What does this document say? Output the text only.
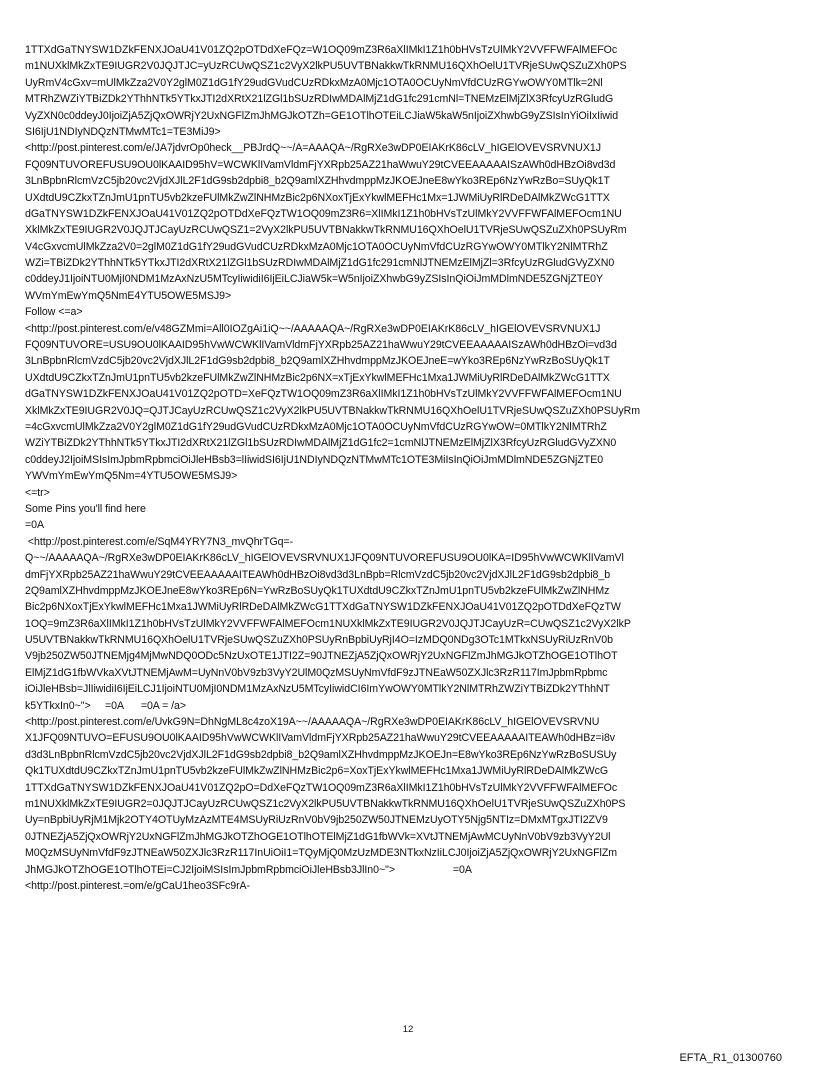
1TTXdGaTNYSW1DZkFENXJOaU41V01ZQ2pOTDdXeFQz=W1OQ09mZ3R6aXlIMkI1Z1h0bHVsTzUlMkY2VVFFWFAlMEFOc
m1NUXklMkZxTE9IUGR2V0JQJTJC=yUzRCUwQSZ1c2VyX2lkPU5UVTBNakkwTkRNMU16QXhOelU1TVRjeSUwQSZuZXh0PS
UyRmV4cGxv=mUlMkZza2V0Y2glM0Z1dG1fY29udGVudCUzRDkxMzA0Mjc1OTA0OCUyNmVfdCUzRGYwOWY0MTlk=2Nl
MTRhZWZiYTBiZDk2YThhNTk5YTkxJTI2dXRtX21lZGl1bSUzRDIwMDAlMjZ1dG1fc291cmNl=TNEMzElMjZlX3RfcyUzRGludG
VyZXN0c0ddeyJ0IjoiZjA5ZjQxOWRjY2UxNGFlZmJhMGJkOTZh=GE1OTlhOTEiLCJiaW5kaW5nIjoiZXhwbG9yZSIsInYiOiIxIiwid
SI6IjU1NDIyNDQzNTMwMTc1=TE3MiJ9>
<http://post.pinterest.com/e/JA7jdvrOp0heck__PBJrdQ~~/A=AAAQA~/RgRXe3wDP0EIAKrK86cLV_hIGElOVEVSRVNUX1J
FQ09NTUVOREFUSU9OU0lKAAID95hV=WCWKlIVamVldmFjYXRpb25AZ21haWwuY29tCVEEAAAAAISzAWh0dHBzOi8vd3d
3LnBpbnRlcmVzC5jb20vc2VjdXJlL2F1dG9sb2dpbi8_b2Q9amlXZHhvdmppMzJKOEJneE8wYko3REp6NzYwRzBo=SUyQk1T
UXdtdU9CZkxTZnJmU1pnTU5vb2kzeFUlMkZwZlNHMzBic2p6NXoxTjExYkwlMEFHc1Mx=1JWMiUyRlRDeDAlMkZWcG1TTX
dGaTNYSW1DZkFENXJOaU41V01ZQ2pOTDdXeFQzTW1OQ09mZ3R6=XlIMkI1Z1h0bHVsTzUlMkY2VVFFWFAlMEFOcm1NU
XklMkZxTE9IUGR2V0JQJTJCayUzRCUwQSZ1=2VyX2lkPU5UVTBNakkwTkRNMU16QXhOelU1TVRjeSUwQSZuZXh0PSUyRm
V4cGxvcmUlMkZza2V0=2glM0Z1dG1fY29udGVudCUzRDkxMzA0Mjc1OTA0OCUyNmVfdCUzRGYwOWY0MTlkY2NlMTRhZ
WZi=TBiZDk2YThhNTk5YTkxJTI2dXRtX21lZGl1bSUzRDIwMDAlMjZ1dG1fc291cmNlJTNEMzElMjZl=3RfcyUzRGludGVyZXN0
c0ddeyJ1IjoiNTU0MjI0NDM1MzAxNzU5MTcyIiwidiI6IjEiLCJiaW5k=W5nIjoiZXhwbG9yZSIsInQiOiJmMDlmNDE5ZGNjZTE0Y
WVmYmEwYmQ5NmE4YTU5OWE5MSJ9>
Follow <=a>
<http://post.pinterest.com/e/v48GZMmi=All0IOZgAi1iQ~~/AAAAAQA~/RgRXe3wDP0EIAKrK86cLV_hIGElOVEVSRVNUX1J
FQ09NTUVORE=USU9OU0lKAAID95hVwWCWKlIVamVldmFjYXRpb25AZ21haWwuY29tCVEEAAAAAISzAWh0dHBzOi=vd3d
3LnBpbnRlcmVzdC5jb20vc2VjdXJlL2F1dG9sb2dpbi8_b2Q9amlXZHhvdmppMzJKOEJneE=wYko3REp6NzYwRzBoSUyQk1T
UXdtdU9CZkxTZnJmU1pnTU5vb2kzeFUlMkZwZlNHMzBic2p6NX=xTjExYkwlMEFHc1Mxa1JWMiUyRlRDeDAlMkZWcG1TTX
dGaTNYSW1DZkFENXJOaU41V01ZQ2pOTD=XeFQzTW1OQ09mZ3R6aXlIMkI1Z1h0bHVsTzUlMkY2VVFFWFAlMEFOcm1NU
XklMkZxTE9IUGR2V0JQ=QJTJCayUzRCUwQSZ1c2VyX2lkPU5UVTBNakkwTkRNMU16QXhOelU1TVRjeSUwQSZuZXh0PSUyRm
=4cGxvcmUlMkZza2V0Y2glM0Z1dG1fY29udGVudCUzRDkxMzA0Mjc1OTA0OCUyNmVfdCUzRGYwOW=0MTlkY2NlMTRhZ
WZiYTBiZDk2YThhNTk5YTkxJTI2dXRtX21lZGl1bSUzRDIwMDAlMjZ1dG1fc2=1cmNlJTNEMzElMjZlX3RfcyUzRGludGVyZXN0
c0ddeyJ2IjoiMSIsImJpbmRpbmciOiJleHBsb3=lIiwidSI6IjU1NDIyNDQzNTMwMTc1OTE3MiIsInQiOiJmMDlmNDE5ZGNjZTE0
YWVmYmEwYmQ5Nm=4YTU5OWE5MSJ9>
<=tr>
Some Pins you'll find here
=0A
<http://post.pinterest.com/e/SqM4YRY7N3_mvQhrTGq=-
Q~~/AAAAAQA~/RgRXe3wDP0EIAKrK86cLV_hIGElOVEVSRVNUX1JFQ09NTUVOREFUSU9OU0lKA=ID95hVwWCWKlIVamVl
dmFjYXRpb25AZ21haWwuY29tCVEEAAAAAITEAWh0dHBzOi8vd3d3LnBpb=RlcmVzdC5jb20vc2VjdXJlL2F1dG9sb2dpbi8_b
2Q9amlXZHhvdmppMzJKOEJneE8wYko3REp6N=YwRzBoSUyQk1TUXdtdU9CZkxTZnJmU1pnTU5vb2kzeFUlMkZwZlNHMz
Bic2p6NXoxTjExYkwlMEFHc1Mxa1JWMiUyRlRDeDAlMkZWcG1TTXdGaTNYSW1DZkFENXJOaU41V01ZQ2pOTDdXeFQzTW
1OQ=9mZ3R6aXlIMkI1Z1h0bHVsTzUlMkY2VVFFWFAlMEFOcm1NUXklMkZxTE9IUGR2V0JQJTJCayUzR=CUwQSZ1c2VyX2lkP
U5UVTBNakkwTkRNMU16QXhOelU1TVRjeSUwQSZuZXh0PSUyRnBpbiUyRjI4O=IzMDQ0NDg3OTc1MTkxNSUyRiUzRnV0b
V9jb250ZW50JTNEMjg4MjMwNDQ0ODc5NzUxOTE1JTI2Z=90JTNEZjA5ZjQxOWRjY2UxNGFlZmJhMGJkOTZhOGE1OTlhOT
ElMjZ1dG1fbWVkaXVtJTNEMjAwM=UyNnV0bV9zb3VyY2UlM0QzMSUyNmVfdF9zJTNEaW50ZXJlc3RzR117ImJpbmRpbmc
iOiJleHBsb=JlIiwidiI6IjEiLCJ1IjoiNTU0MjI0NDM1MzAxNzU5MTcyIiwidCI6ImYwOWY0MTlkY2NlMTRhZWZiYTBiZDk2YThhNT
k5YTkxIn0~">     =0A      =0A = /a>
<http://post.pinterest.com/e/UvkG9N=DhNgML8c4zoX19A~~/AAAAAQA~/RgRXe3wDP0EIAKrK86cLV_hIGElOVEVSRVNU
X1JFQ09NTUVO=EFUSU9OU0lKAAID95hVwWCWKlIVamVldmFjYXRpb25AZ21haWwuY29tCVEEAAAAAITEAWh0dHBz=i8v
d3d3LnBpbnRlcmVzdC5jb20vc2VjdXJlL2F1dG9sb2dpbi8_b2Q9amlXZHhvdmppMzJKOEJn=E8wYko3REp6NzYwRzBoSUSUy
Qk1TUXdtdU9CZkxTZnJmU1pnTU5vb2kzeFUlMkZwZlNHMzBic2p6=XoxTjExYkwlMEFHc1Mxa1JWMiUyRlRDeDAlMkZWcG
1TTXdGaTNYSW1DZkFENXJOaU41V01ZQ2pO=DdXeFQzTW1OQ09mZ3R6aXlIMkI1Z1h0bHVsTzUlMkY2VVFFWFAlMEFOc
m1NUXklMkZxTE9IUGR2=0JQJTJCayUzRCUwQSZ1c2VyX2lkPU5UVTBNakkwTkRNMU16QXhOelU1TVRjeSUwQSZuZXh0PS
Uy=nBpbiUyRjM1Mjk2OTY4OTUyMzAzMTE4MSUyRiUzRnV0bV9jb250ZW50JTNEMzUyOTY5Njg5NTIz=DMxMTgxJTI2ZV9
0JTNEZjA5ZjQxOWRjY2UxNGFlZmJhMGJkOTZhOGE1OTlhOTElMjZ1dG1fbWVk=XVtJTNEMjAwMCUyNnV0bV9zb3VyY2Ul
M0QzMSUyNmVfdF9zJTNEaW50ZXJlc3RzR117InUiOiI1=TQyMjQ0MzUzMDE3NTkxNzIiLCJ0IjoiZjA5ZjQxOWRjY2UxNGFlZm
JhMGJkOTZhOGE1OTlhOTEi=CJ2IjoiMSIsImJpbmRpbmciOiJleHBsb3JlIn0~">                    =0A
<http://post.pinterest.=om/e/gCaU1heo3SFc9rA-
12
EFTA_R1_01300760
